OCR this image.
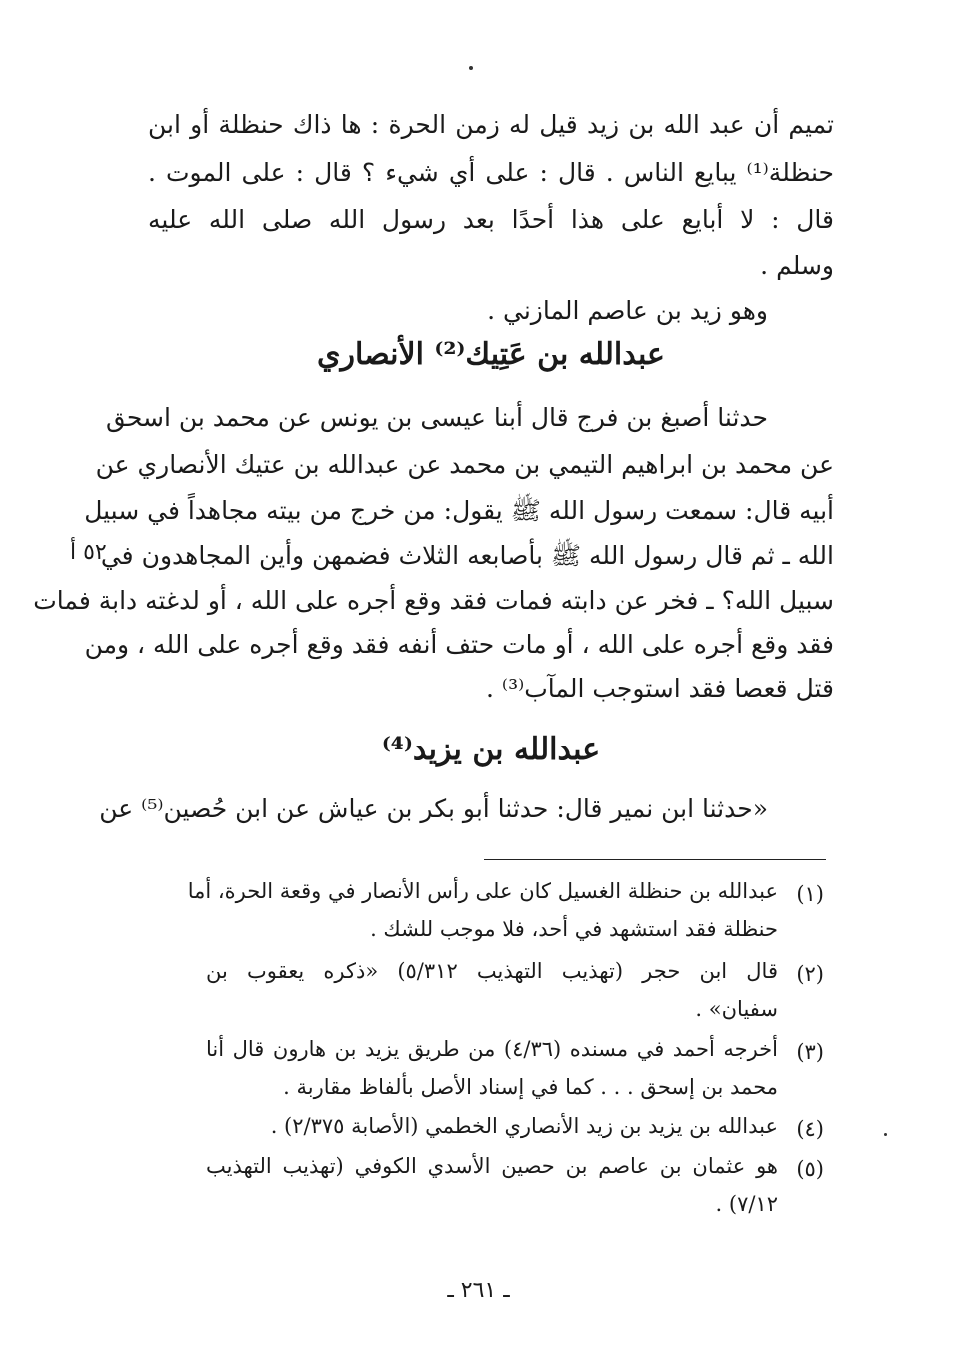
تميم أن عبد الله بن زيد قيل له زمن الحرة : ها ذاك حنظلة أو ابن
حنظلة⁽¹⁾ يبايع الناس . قال : على أي شيء ؟ قال : على الموت .
قال : لا أبايع على هذا أحدًا بعد رسول الله صلى الله عليه
وسلم .
وهو زيد بن عاصم المازني .
عبدالله بن عَتِيك⁽²⁾ الأنصاري
حدثنا أصبغ بن فرج قال أبنا عيسى بن يونس عن محمد بن اسحق
عن محمد بن ابراهيم التيمي بن محمد عن عبدالله بن عتيك الأنصاري عن
أبيه قال: سمعت رسول الله ﷺ يقول: من خرج من بيته مجاهداً في سبيل
الله ـ ثم قال رسول الله ﷺ بأصابعه الثلاث فضمهن وأين المجاهدون في
سبيل الله؟ ـ فخر عن دابته فمات فقد وقع أجره على الله ، أو لدغته دابة فمات
فقد وقع أجره على الله ، أو مات حتف أنفه فقد وقع أجره على الله ، ومن
قتل قعصا فقد استوجب المآب⁽³⁾ .
٥٢ أ
عبدالله بن يزيد⁽⁴⁾
«حدثنا ابن نمير قال: حدثنا أبو بكر بن عياش عن ابن حُصين⁽⁵⁾ عن
(١)
عبدالله بن حنظلة الغسيل كان على رأس الأنصار في وقعة الحرة، أما
حنظلة فقد استشهد في أحد، فلا موجب للشك .
(٢)
قال ابن حجر (تهذيب التهذيب ٥/٣١٢) «ذكره يعقوب بن
سفيان» .
(٣)
أخرجه أحمد في مسنده (٤/٣٦) من طريق يزيد بن هارون قال أنا
محمد بن إسحق . . . كما في إسناد الأصل بألفاظ مقاربة .
(٤)
عبدالله بن يزيد بن زيد الأنصاري الخطمي (الأصابة ٢/٣٧٥) .
(٥)
هو عثمان بن عاصم بن حصين الأسدي الكوفي (تهذيب التهذيب
٧/١٢) .
ـ ٢٦١ ـ
